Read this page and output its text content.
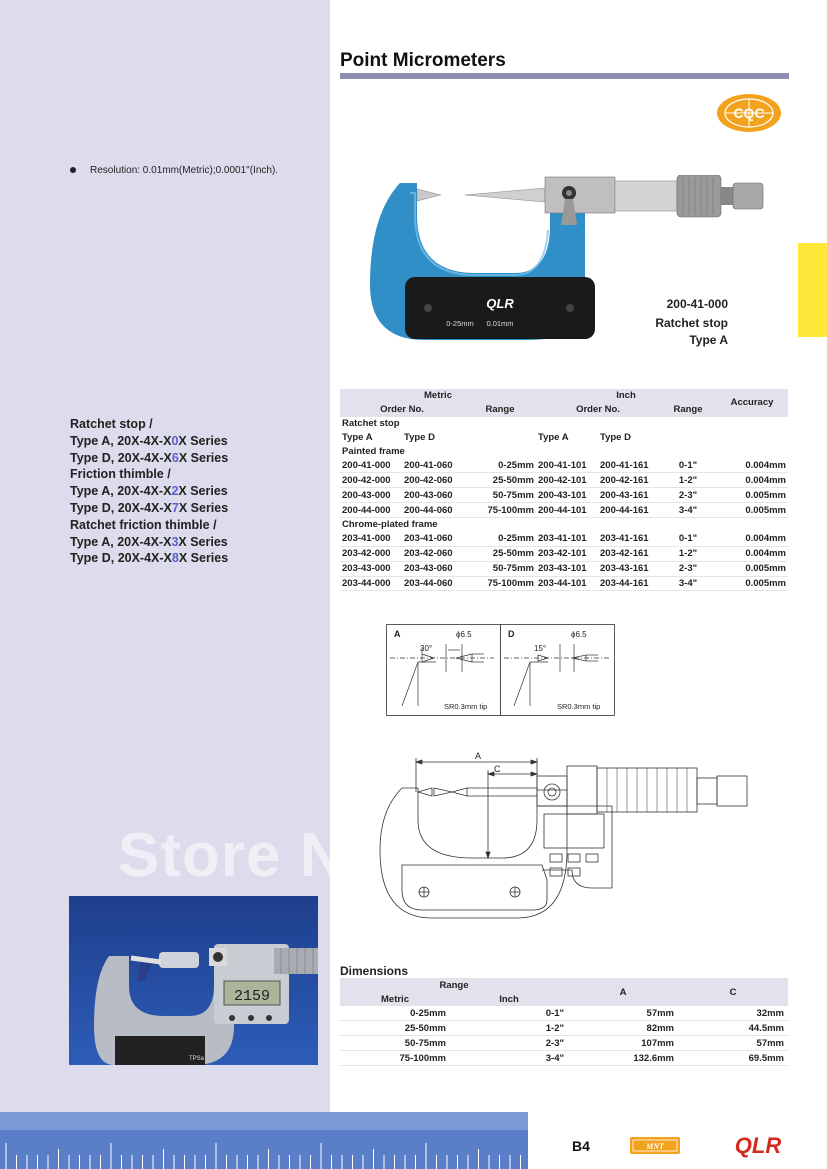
Point Micrometers
CQC
Resolution: 0.01mm(Metric);0.0001"(Inch).
QLR
0-25mm 0.01mm
200-41-000
Ratchet stop
Type A
Ratchet stop /
Type A, 20X-4X-X0X Series
Type D, 20X-4X-X6X Series
Friction thimble /
Type A, 20X-4X-X2X Series
Type D, 20X-4X-X7X Series
Ratchet friction thimble /
Type A, 20X-4X-X3X Series
Type D, 20X-4X-X8X Series
Metric			Inch			Accuracy
Order No.		Range	Order No.		Range	
Ratchet stop						
Type A	Type D		Type A	Type D		
Painted frame						
200-41-000	200-41-060	0-25mm	200-41-101	200-41-161	0-1"	0.004mm
200-42-000	200-42-060	25-50mm	200-42-101	200-42-161	1-2"	0.004mm
200-43-000	200-43-060	50-75mm	200-43-101	200-43-161	2-3"	0.005mm
200-44-000	200-44-060	75-100mm	200-44-101	200-44-161	3-4"	0.005mm
Chrome-plated frame						
203-41-000	203-41-060	0-25mm	203-41-101	203-41-161	0-1"	0.004mm
203-42-000	203-42-060	25-50mm	203-42-101	203-42-161	1-2"	0.004mm
203-43-000	203-43-060	50-75mm	203-43-101	203-43-161	2-3"	0.005mm
203-44-000	203-44-060	75-100mm	203-44-101	203-44-161	3-4"	0.005mm
A	D
30°
ϕ6.5
SR0.3mm tip
15°
ϕ6.5
SR0.3mm tip
A
C
Store N
Dimensions
Range		A	C
Metric	Inch		
0-25mm	0-1"	57mm	32mm
25-50mm	1-2"	82mm	44.5mm
50-75mm	2-3"	107mm	57mm
75-100mm	3-4"	132.6mm	69.5mm
TPSa
2159
B4	MNT	QLR
